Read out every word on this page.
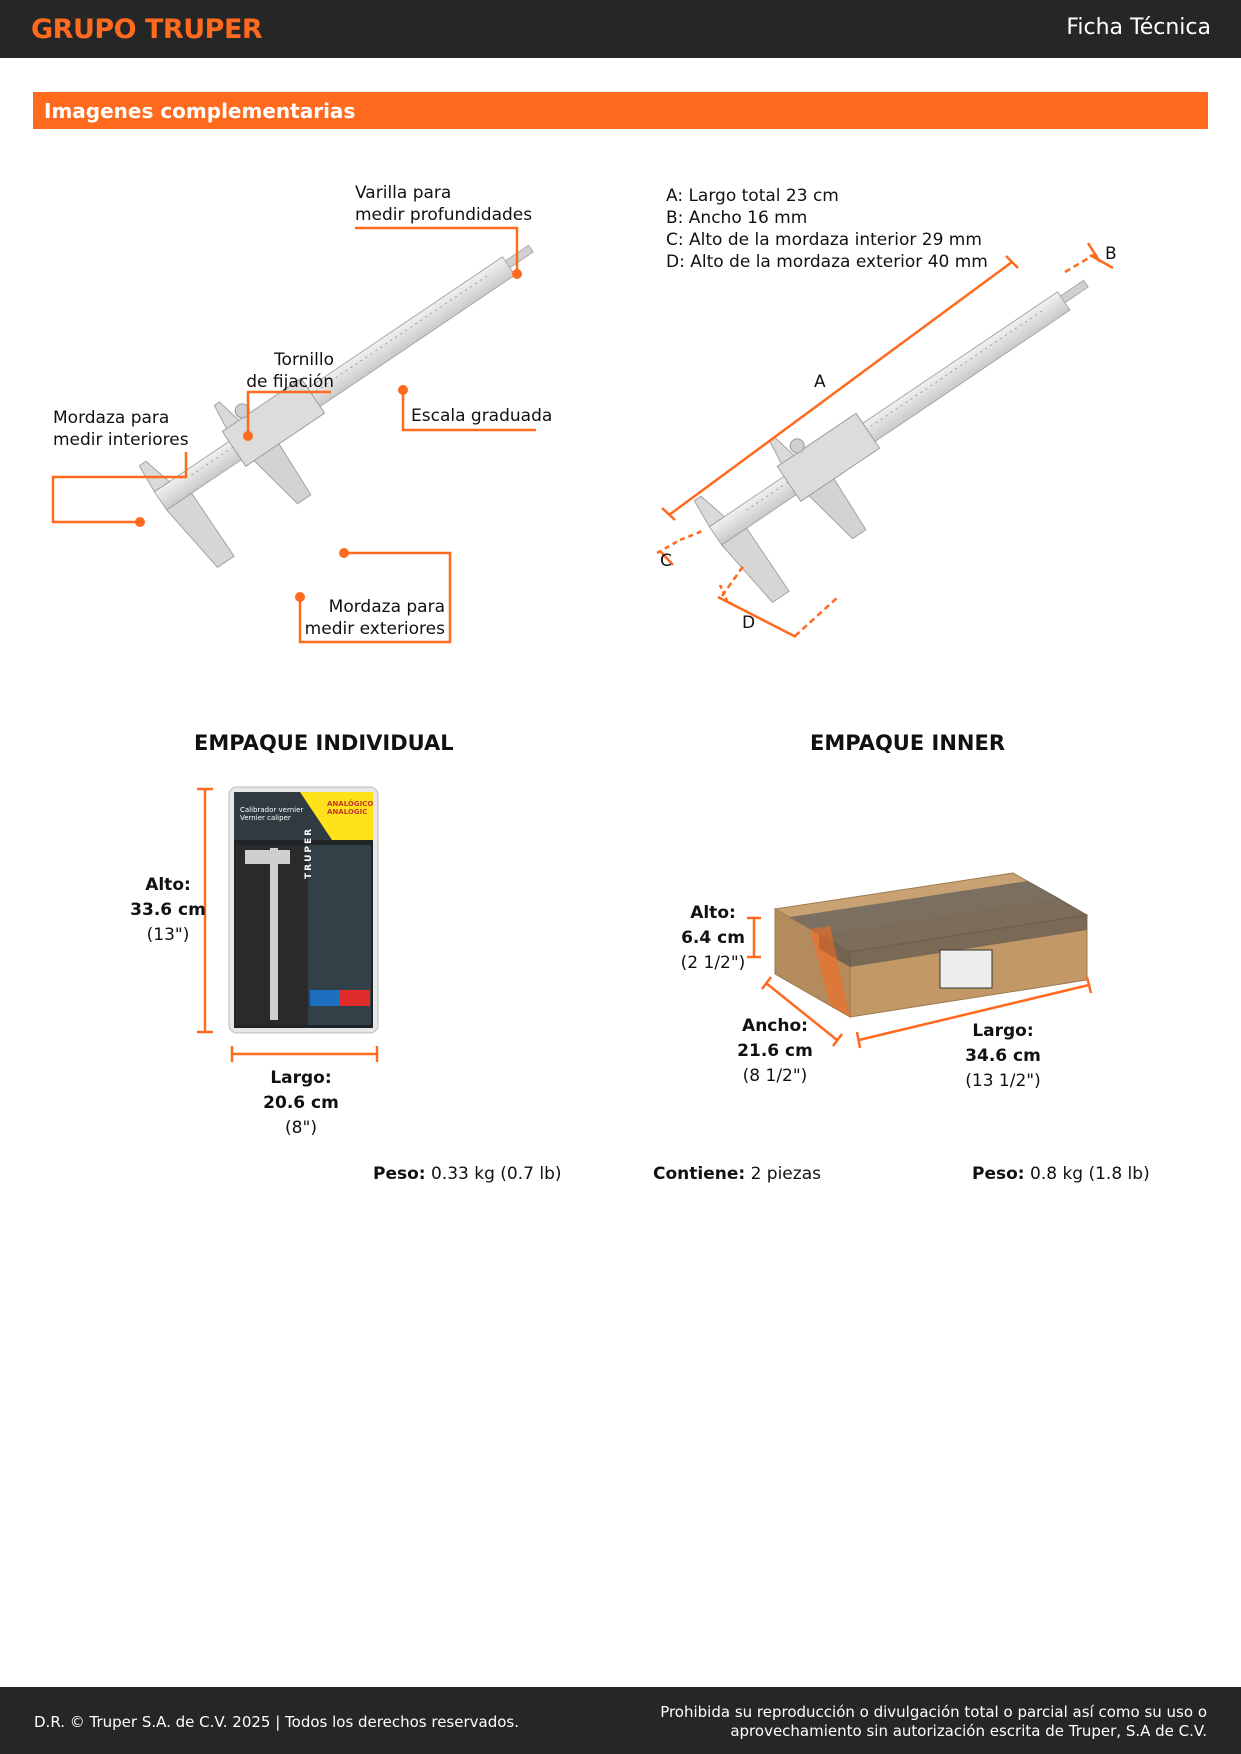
GRUPO TRUPER	Ficha Técnica
Imagenes complementarias
Varilla para
medir profundidades
Tornillo
de fijación
Escala graduada
Mordaza para
medir interiores
Mordaza para
medir exteriores
A: Largo total 23 cm
B: Ancho 16 mm
C: Alto de la mordaza interior 29 mm
D: Alto de la mordaza exterior 40 mm
A
B
C
D
EMPAQUE INDIVIDUAL
Alto:
33.6 cm
(13")
Largo:
20.6 cm
(8")
Peso: 0.33 kg (0.7 lb)
TRUPER
Calibrador vernier
Vernier caliper
ANALÓGICO
ANALOGIC
EMPAQUE INNER
Alto:
6.4 cm
(2 1/2")
Ancho:
21.6 cm
(8 1/2")
Largo:
34.6 cm
(13 1/2")
Contiene: 2 piezas	Peso: 0.8 kg (1.8 lb)
D.R. © Truper S.A. de C.V. 2025 | Todos los derechos reservados.
Prohibida su reproducción o divulgación total o parcial así como su uso o
aprovechamiento sin autorización escrita de Truper, S.A de C.V.
